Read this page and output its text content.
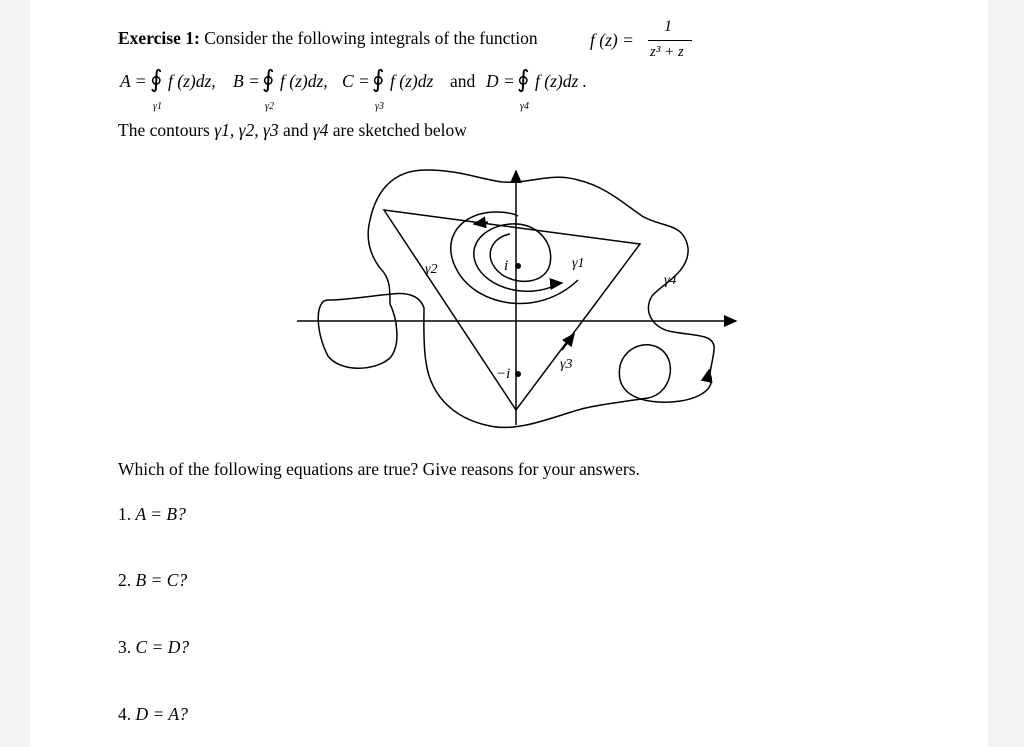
Exercise 1: Consider the following integrals of the function	f (z) =
1
z³ + z
A = ∮
γ1
f (z)dz, B = ∮
γ2
f (z)dz, C = ∮
γ3
f (z)dz and D = ∮
γ4
f (z)dz .
The contours γ1, γ2, γ3 and γ4 are sketched below
i
−i
γ1
γ2
γ3
γ4
Which of the following equations are true? Give reasons for your answers.
1. A = B?
2. B = C?
3. C = D?
4. D = A?
